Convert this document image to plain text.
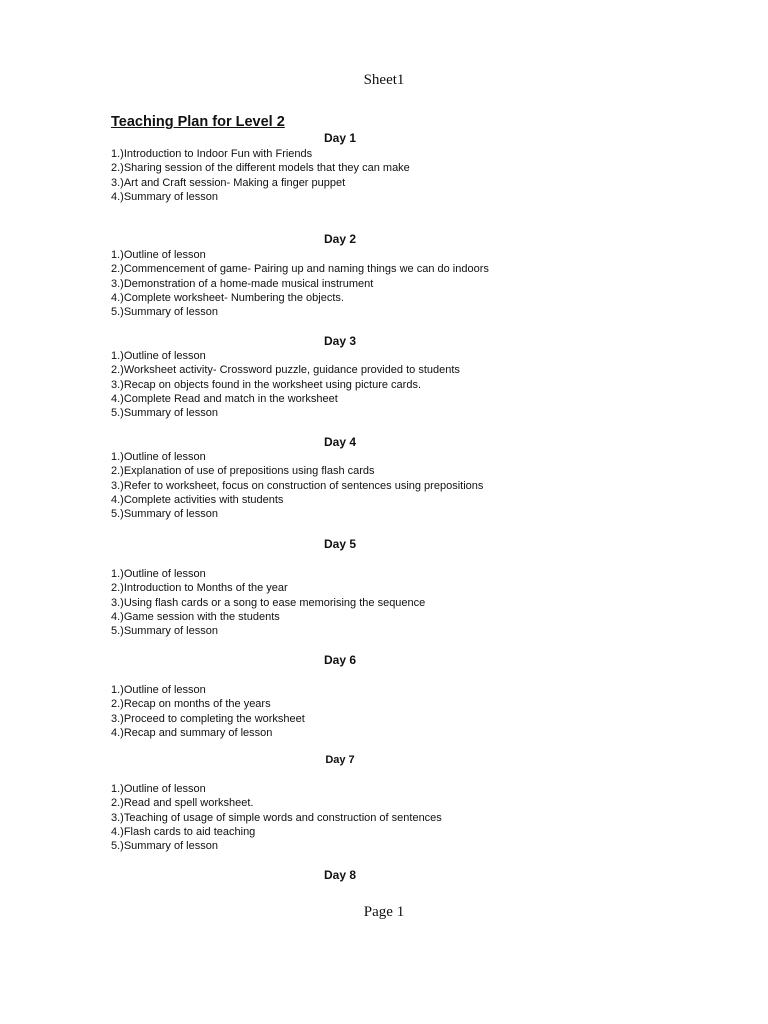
Sheet1
Teaching Plan for Level 2
Day 1
1.)Introduction to Indoor Fun with Friends
2.)Sharing session of the different models that they can make
3.)Art and Craft session- Making a finger puppet
4.)Summary of lesson
Day 2
1.)Outline of lesson
2.)Commencement of game- Pairing up and naming things we can do indoors
3.)Demonstration of a home-made musical instrument
4.)Complete worksheet- Numbering the objects.
5.)Summary of lesson
Day 3
1.)Outline of lesson
2.)Worksheet activity- Crossword puzzle, guidance provided to students
3.)Recap on objects found in the worksheet using picture cards.
4.)Complete Read and match in the worksheet
5.)Summary of lesson
Day 4
1.)Outline of lesson
2.)Explanation of use of prepositions using flash cards
3.)Refer to worksheet, focus on construction of sentences using prepositions
4.)Complete activities with students
5.)Summary of lesson
Day 5
1.)Outline of lesson
2.)Introduction to Months of the year
3.)Using flash cards or a song to ease memorising the sequence
4.)Game session with the students
5.)Summary of lesson
Day 6
1.)Outline of lesson
2.)Recap on months of the years
3.)Proceed to completing the worksheet
4.)Recap and summary of lesson
Day 7
1.)Outline of lesson
2.)Read and spell worksheet.
3.)Teaching of usage of simple words and construction of sentences
4.)Flash cards to aid teaching
5.)Summary of lesson
Day 8
Page 1
